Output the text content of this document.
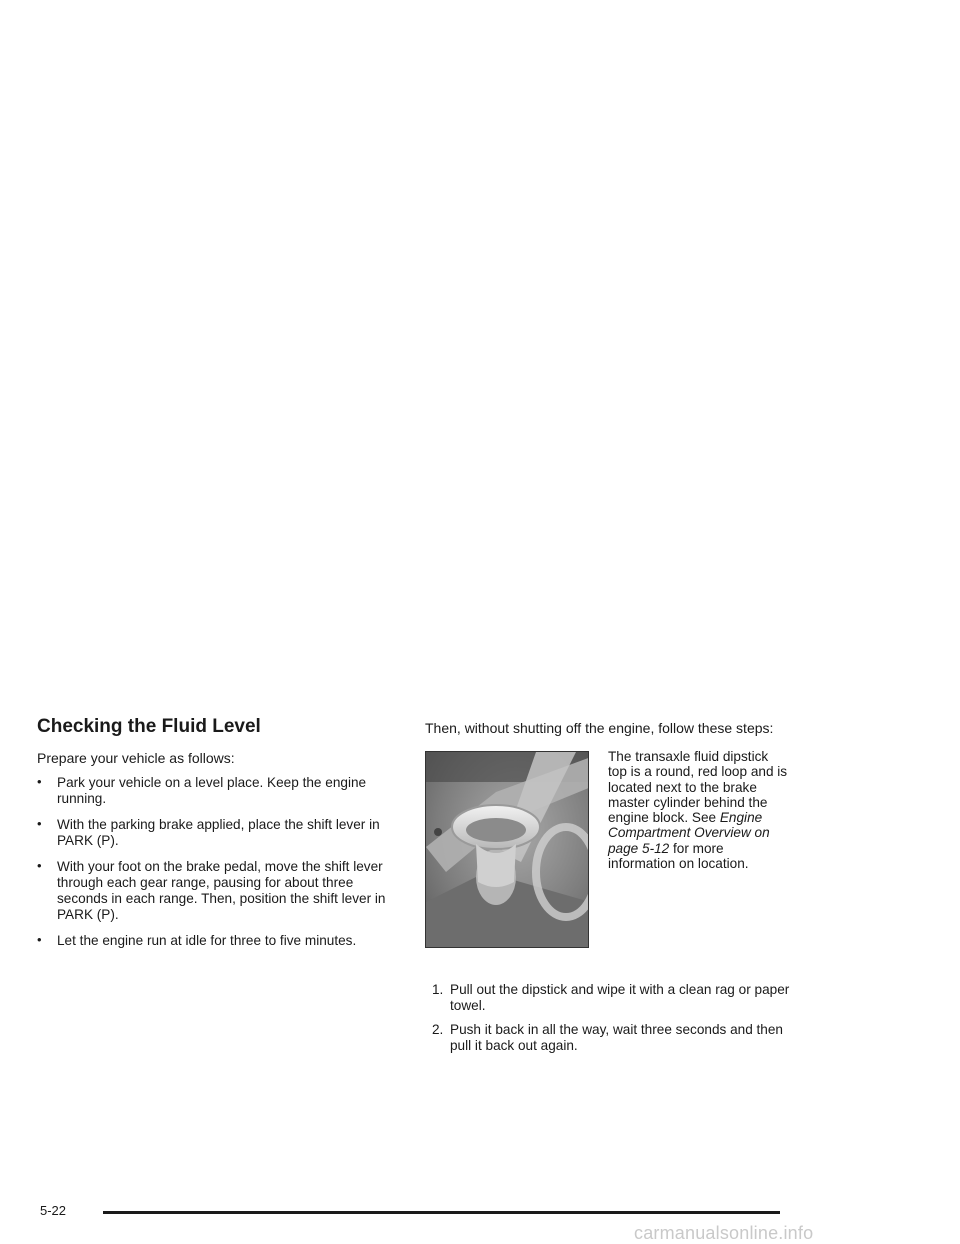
Checking the Fluid Level

Prepare your vehicle as follows:

• Park your vehicle on a level place. Keep the engine running.
• With the parking brake applied, place the shift lever in PARK (P).
• With your foot on the brake pedal, move the shift lever through each gear range, pausing for about three seconds in each range. Then, position the shift lever in PARK (P).
• Let the engine run at idle for three to five minutes.

Then, without shutting off the engine, follow these steps:

The transaxle fluid dipstick top is a round, red loop and is located next to the brake master cylinder behind the engine block. See Engine Compartment Overview on page 5-12 for more information on location.
1. Pull out the dipstick and wipe it with a clean rag or paper towel.
2. Push it back in all the way, wait three seconds and then pull it back out again.
5-22
carmanualsonline.info
